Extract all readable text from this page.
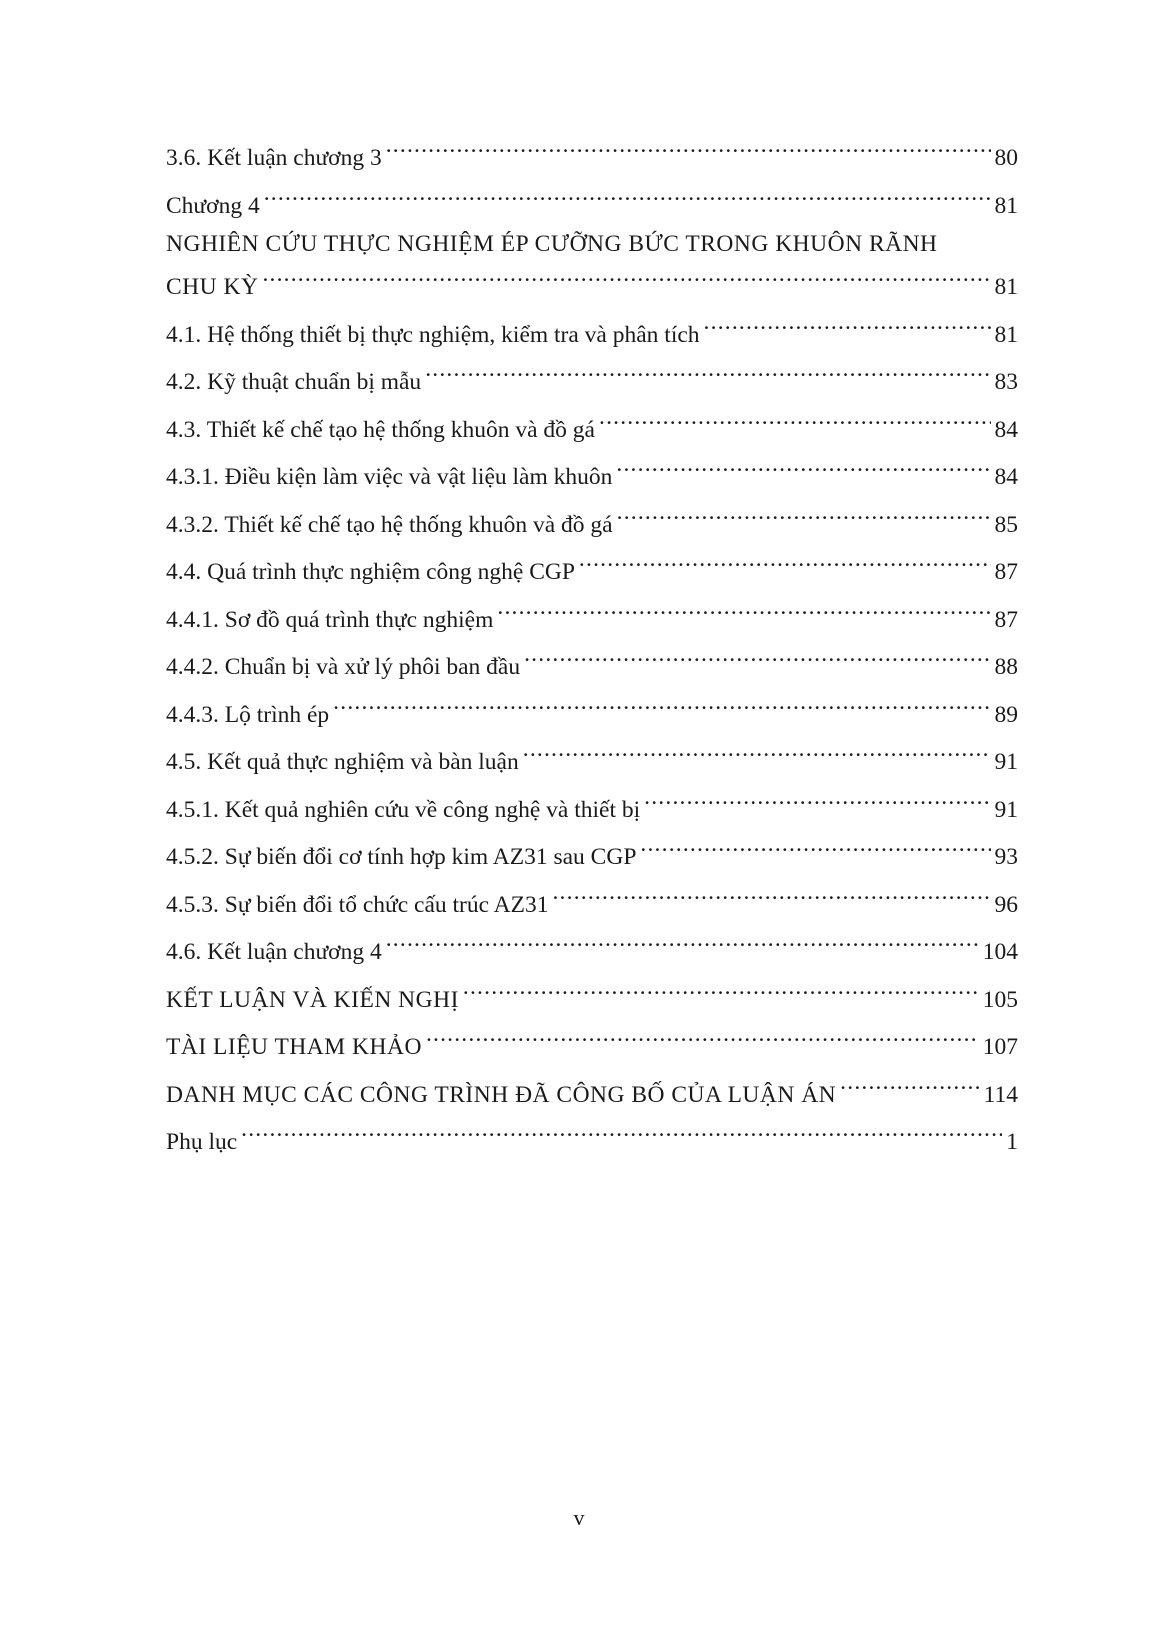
3.6. Kết luận chương 3 .....	80
Chương 4 .....	81
NGHIÊN CỨU THỰC NGHIỆM ÉP CƯỠNG BỨC TRONG KHUÔN RÃNH
CHU KỲ .....	81
4.1. Hệ thống thiết bị thực nghiệm, kiểm tra và phân tích .....	81
4.2. Kỹ thuật chuẩn bị mẫu .....	83
4.3. Thiết kế chế tạo hệ thống khuôn và đồ gá .....	84
4.3.1. Điều kiện làm việc và vật liệu làm khuôn .....	84
4.3.2. Thiết kế chế tạo hệ thống khuôn và đồ gá .....	85
4.4. Quá trình thực nghiệm công nghệ CGP .....	87
4.4.1. Sơ đồ quá trình thực nghiệm .....	87
4.4.2. Chuẩn bị và xử lý phôi ban đầu .....	88
4.4.3. Lộ trình ép .....	89
4.5. Kết quả thực nghiệm và bàn luận .....	91
4.5.1. Kết quả nghiên cứu về công nghệ và thiết bị .....	91
4.5.2. Sự biến đổi cơ tính hợp kim AZ31 sau CGP .....	93
4.5.3. Sự biến đổi tổ chức cấu trúc AZ31 .....	96
4.6. Kết luận chương 4 .....	104
KẾT LUẬN VÀ KIẾN NGHỊ .....	105
TÀI LIỆU THAM KHẢO .....	107
DANH MỤC CÁC CÔNG TRÌNH ĐÃ CÔNG BỐ CỦA LUẬN ÁN .....	114
Phụ lục .....	1
v
